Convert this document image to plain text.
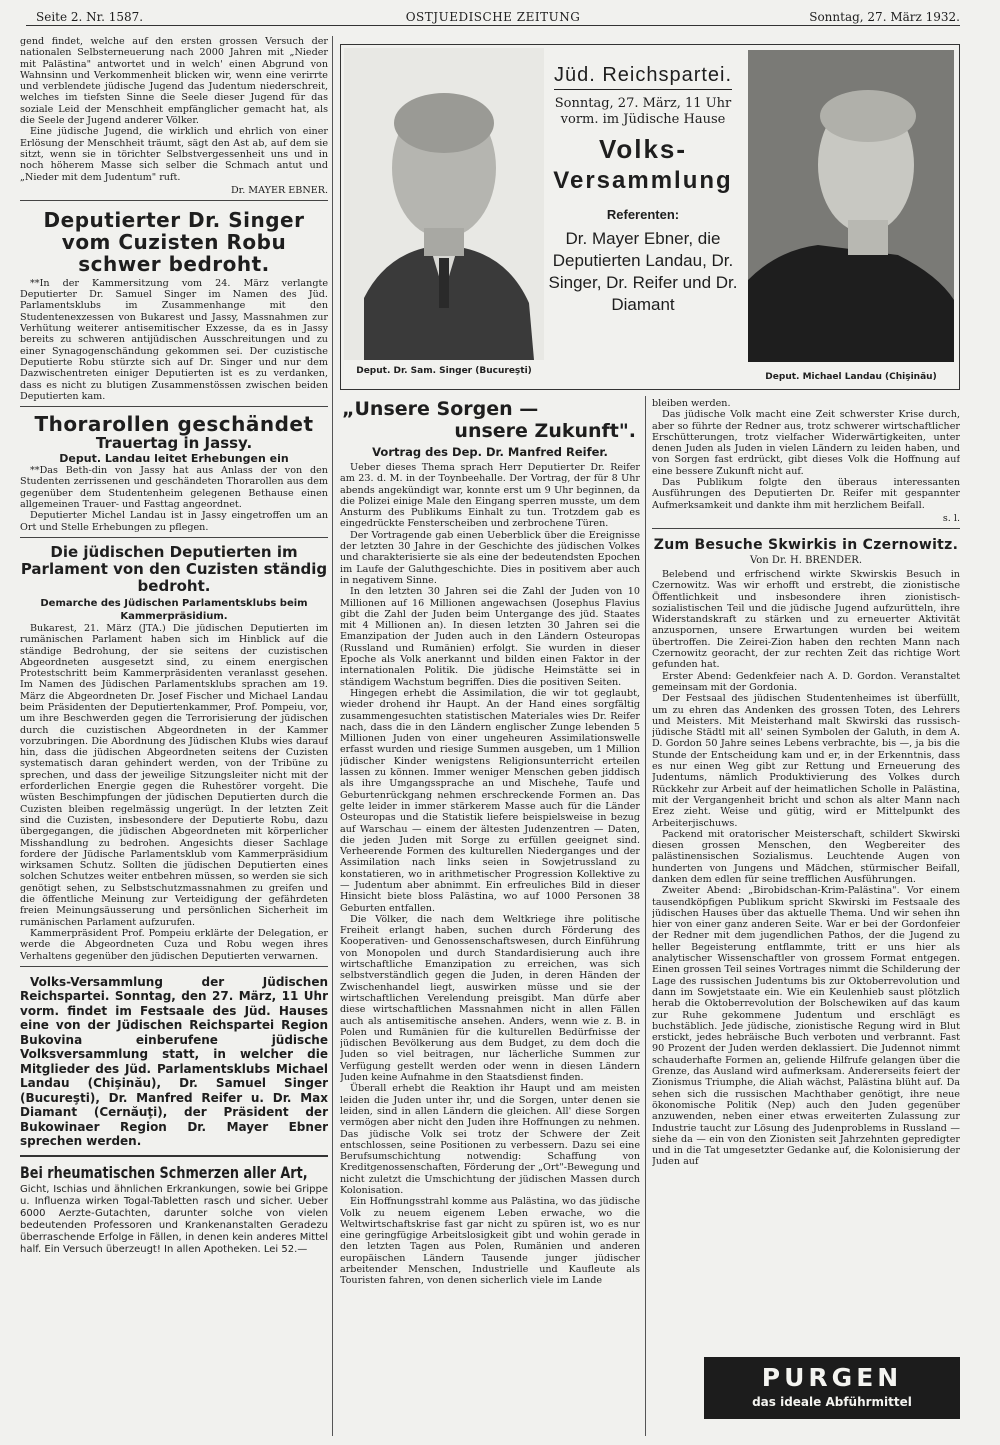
Seite 2. Nr. 1587.	OSTJUEDISCHE ZEITUNG	Sonntag, 27. März 1932.

gend findet, welche auf den ersten grossen Versuch der nationalen Selbsterneuerung nach 2000 Jahren mit „Nieder mit Palästina" antwortet und in welch' einen Abgrund von Wahnsinn und Verkommenheit blicken wir, wenn eine verirrte und verblendete jüdische Jugend das Judentum niederschreit, welches im tiefsten Sinne die Seele dieser Jugend für das soziale Leid der Menschheit empfänglicher gemacht hat, als die Seele der Jugend anderer Völker.

Eine jüdische Jugend, die wirklich und ehrlich von einer Erlösung der Menschheit träumt, sägt den Ast ab, auf dem sie sitzt, wenn sie in törichter Selbstvergessenheit uns und in noch höherem Masse sich selber die Schmach antut und „Nieder mit dem Judentum" ruft.

Dr. MAYER EBNER.
Deputierter Dr. Singer vom Cuzisten Robu schwer bedroht.

**In der Kammersitzung vom 24. März verlangte Deputierter Dr. Samuel Singer im Namen des Jüd. Parlamentsklubs im Zusammenhange mit den Studentenexzessen von Bukarest und Jassy, Massnahmen zur Verhütung weiterer antisemitischer Exzesse, da es in Jassy bereits zu schweren antijüdischen Ausschreitungen und zu einer Synagogenschändung gekommen sei. Der cuzistische Deputierte Robu stürzte sich auf Dr. Singer und nur dem Dazwischentreten einiger Deputierten ist es zu verdanken, dass es nicht zu blutigen Zusammenstössen zwischen beiden Deputierten kam.

Thorarollen geschändet
Trauertag in Jassy.
Deput. Landau leitet Erhebungen ein

**Das Beth-din von Jassy hat aus Anlass der von den Studenten zerrissenen und geschändeten Thorarollen aus dem gegenüber dem Studentenheim gelegenen Bethause einen allgemeinen Trauer- und Fasttag angeordnet.

Deputierter Michel Landau ist in Jassy eingetroffen um an Ort und Stelle Erhebungen zu pflegen.

Die jüdischen Deputierten im Parlament von den Cuzisten ständig bedroht.
Demarche des Jüdischen Parlamentsklubs beim Kammerpräsidium.

Bukarest, 21. März (JTA.) Die jüdischen Deputierten im rumänischen Parlament haben sich im Hinblick auf die ständige Bedrohung, der sie seitens der cuzistischen Abgeordneten ausgesetzt sind, zu einem energischen Protestschritt beim Kammerpräsidenten veranlasst gesehen. Im Namen des Jüdischen Parlamentsklubs sprachen am 19. März die Abgeordneten Dr. Josef Fischer und Michael Landau beim Präsidenten der Deputiertenkammer, Prof. Pompeiu, vor, um ihre Beschwerden gegen die Terrorisierung der jüdischen durch die cuzistischen Abgeordneten in der Kammer vorzubringen. Die Abordnung des Jüdischen Klubs wies darauf hin, dass die jüdischen Abgeordneten seitens der Cuzisten systematisch daran gehindert werden, von der Tribüne zu sprechen, und dass der jeweilige Sitzungsleiter nicht mit der erforderlichen Energie gegen die Ruhestörer vorgeht. Die wüsten Beschimpfungen der jüdischen Deputierten durch die Cuzisten bleiben regelmässig ungerügt. In der letzten Zeit sind die Cuzisten, insbesondere der Deputierte Robu, dazu übergegangen, die jüdischen Abgeordneten mit körperlicher Misshandlung zu bedrohen. Angesichts dieser Sachlage fordere der Jüdische Parlamentsklub vom Kammerpräsidium wirksamen Schutz. Sollten die jüdischen Deputierten eines solchen Schutzes weiter entbehren müssen, so werden sie sich genötigt sehen, zu Selbstschutzmassnahmen zu greifen und die öffentliche Meinung zur Verteidigung der gefährdeten freien Meinungsäusserung und persönlichen Sicherheit im rumänischen Parlament aufzurufen.

Kammerpräsident Prof. Pompeiu erklärte der Delegation, er werde die Abgeordneten Cuza und Robu wegen ihres Verhaltens gegenüber den jüdischen Deputierten verwarnen.

Volks-Versammlung der Jüdischen Reichspartei. Sonntag, den 27. März, 11 Uhr vorm. findet im Festsaale des Jüd. Hauses eine von der Jüdischen Reichspartei Region Bukovina einberufene jüdische Volksversammlung statt, in welcher die Mitglieder des Jüd. Parlamentsklubs Michael Landau (Chişinău), Dr. Samuel Singer (Bucureşti), Dr. Manfred Reifer u. Dr. Max Diamant (Cernăuţi), der Präsident der Bukowinaer Region Dr. Mayer Ebner sprechen werden.

Bei rheumatischen Schmerzen aller Art,

Gicht, Ischias und ähnlichen Erkrankungen, sowie bei Grippe u. Influenza wirken Togal-Tabletten rasch und sicher. Ueber 6000 Aerzte-Gutachten, darunter solche von vielen bedeutenden Professoren und Krankenanstalten Geradezu überraschende Erfolge in Fällen, in denen kein anderes Mittel half. Ein Versuch überzeugt! In allen Apotheken. Lei 52.—

Deput. Dr. Sam. Singer (Bucureşti)
Jüd. Reichspartei.
Sonntag, 27. März, 11 Uhr vorm. im Jüdische Hause
Volks-
Versammlung
Referenten:
Dr. Mayer Ebner, die Deputierten Landau, Dr. Singer, Dr. Reifer und Dr. Diamant
Deput. Michael Landau (Chişinău)
„Unsere Sorgen —
unsere Zukunft".
Vortrag des Dep. Dr. Manfred Reifer.

Ueber dieses Thema sprach Herr Deputierter Dr. Reifer am 23. d. M. in der Toynbeehalle. Der Vortrag, der für 8 Uhr abends angekündigt war, konnte erst um 9 Uhr beginnen, da die Polizei einige Male den Eingang sperren musste, um dem Ansturm des Publikums Einhalt zu tun. Trotzdem gab es eingedrückte Fensterscheiben und zerbrochene Türen.

Der Vortragende gab einen Ueberblick über die Ereignisse der letzten 30 Jahre in der Geschichte des jüdischen Volkes und charakterisierte sie als eine der bedeutendsten Epochen im Laufe der Galuthgeschichte. Dies in positivem aber auch in negativem Sinne.

In den letzten 30 Jahren sei die Zahl der Juden von 10 Millionen auf 16 Millionen angewachsen (Josephus Flavius gibt die Zahl der Juden beim Untergange des jüd. Staates mit 4 Millionen an). In diesen letzten 30 Jahren sei die Emanzipation der Juden auch in den Ländern Osteuropas (Russland und Rumänien) erfolgt. Sie wurden in dieser Epoche als Volk anerkannt und bilden einen Faktor in der internationalen Politik. Die jüdische Heimstätte sei in ständigem Wachstum begriffen. Dies die positiven Seiten.

Hingegen erhebt die Assimilation, die wir tot geglaubt, wieder drohend ihr Haupt. An der Hand eines sorgfältig zusammengesuchten statistischen Materiales wies Dr. Reifer nach, dass die in den Ländern englischer Zunge lebenden 5 Millionen Juden von einer ungeheuren Assimilationswelle erfasst wurden und riesige Summen ausgeben, um 1 Million jüdischer Kinder wenigstens Religionsunterricht erteilen lassen zu können. Immer weniger Menschen geben jiddisch als ihre Umgangssprache an und Mischehe, Taufe und Geburtenrückgang nehmen erschreckende Formen an. Das gelte leider in immer stärkerem Masse auch für die Länder Osteuropas und die Statistik liefere beispielsweise in bezug auf Warschau — einem der ältesten Judenzentren — Daten, die jeden Juden mit Sorge zu erfüllen geeignet sind. Verheerende Formen des kulturellen Niederganges und der Assimilation nach links seien in Sowjetrussland zu konstatieren, wo in arithmetischer Progression Kollektive zu — Judentum aber abnimmt. Ein erfreuliches Bild in dieser Hinsicht biete bloss Palästina, wo auf 1000 Personen 38 Geburten entfallen.

Die Völker, die nach dem Weltkriege ihre politische Freiheit erlangt haben, suchen durch Förderung des Kooperativen- und Genossenschaftswesen, durch Einführung von Monopolen und durch Standardisierung auch ihre wirtschaftliche Emanzipation zu erreichen, was sich selbstverständlich gegen die Juden, in deren Händen der Zwischenhandel liegt, auswirken müsse und sie der wirtschaftlichen Verelendung preisgibt. Man dürfe aber diese wirtschaftlichen Massnahmen nicht in allen Fällen auch als antisemitische ansehen. Anders, wenn wie z. B. in Polen und Rumänien für die kulturellen Bedürfnisse der jüdischen Bevölkerung aus dem Budget, zu dem doch die Juden so viel beitragen, nur lächerliche Summen zur Verfügung gestellt werden oder wenn in diesen Ländern Juden keine Aufnahme in den Staatsdienst finden.

Überall erhebt die Reaktion ihr Haupt und am meisten leiden die Juden unter ihr, und die Sorgen, unter denen sie leiden, sind in allen Ländern die gleichen. All' diese Sorgen vermögen aber nicht den Juden ihre Hoffnungen zu nehmen. Das jüdische Volk sei trotz der Schwere der Zeit entschlossen, seine Positionen zu verbessern. Dazu sei eine Berufsumschichtung notwendig: Schaffung von Kreditgenossenschaften, Förderung der „Ort"-Bewegung und nicht zuletzt die Umschichtung der jüdischen Massen durch Kolonisation.

Ein Hoffnungsstrahl komme aus Palästina, wo das jüdische Volk zu neuem eigenem Leben erwache, wo die Weltwirtschaftskrise fast gar nicht zu spüren ist, wo es nur eine geringfügige Arbeitslosigkeit gibt und wohin gerade in den letzten Tagen aus Polen, Rumänien und anderen europäischen Ländern Tausende junger jüdischer arbeitender Menschen, Industrielle und Kaufleute als Touristen fahren, von denen sicherlich viele im Lande

bleiben werden.

Das jüdische Volk macht eine Zeit schwerster Krise durch, aber so führte der Redner aus, trotz schwerer wirtschaftlicher Erschütterungen, trotz vielfacher Widerwärtigkeiten, unter denen Juden als Juden in vielen Ländern zu leiden haben, und von Sorgen fast erdrückt, gibt dieses Volk die Hoffnung auf eine bessere Zukunft nicht auf.

Das Publikum folgte den überaus interessanten Ausführungen des Deputierten Dr. Reifer mit gespannter Aufmerksamkeit und dankte ihm mit herzlichem Beifall.

s. l.
Zum Besuche Skwirkis in Czernowitz.
Von Dr. H. BRENDER.

Belebend und erfrischend wirkte Skwirskis Besuch in Czernowitz. Was wir erhofft und erstrebt, die zionistische Öffentlichkeit und insbesondere ihren zionistisch-sozialistischen Teil und die jüdische Jugend aufzurütteln, ihre Widerstandskraft zu stärken und zu erneuerter Aktivität anzuspornen, unsere Erwartungen wurden bei weitem übertroffen. Die Zeirei-Zion haben den rechten Mann nach Czernowitz georacht, der zur rechten Zeit das richtige Wort gefunden hat.

Erster Abend: Gedenkfeier nach A. D. Gordon. Veranstaltet gemeinsam mit der Gordonia.

Der Festsaal des jüdischen Studentenheimes ist überfüllt, um zu ehren das Andenken des grossen Toten, des Lehrers und Meisters. Mit Meisterhand malt Skwirski das russisch-jüdische Städtl mit all' seinen Symbolen der Galuth, in dem A. D. Gordon 50 Jahre seines Lebens verbrachte, bis —, ja bis die Stunde der Entscheidung kam und er, in der Erkenntnis, dass es nur einen Weg gibt zur Rettung und Erneuerung des Judentums, nämlich Produktivierung des Volkes durch Rückkehr zur Arbeit auf der heimatlichen Scholle in Palästina, mit der Vergangenheit bricht und schon als alter Mann nach Erez zieht. Weise und gütig, wird er Mittelpunkt des Arbeiterjischuws.

Packend mit oratorischer Meisterschaft, schildert Skwirski diesen grossen Menschen, den Wegbereiter des palästinensischen Sozialismus. Leuchtende Augen von hunderten von Jungens und Mädchen, stürmischer Beifall, danken dem edlen für seine trefflichen Ausführungen.

Zweiter Abend: „Birobidschan-Krim-Palästina". Vor einem tausendköpfigen Publikum spricht Skwirski im Festsaale des jüdischen Hauses über das aktuelle Thema. Und wir sehen ihn hier von einer ganz anderen Seite. War er bei der Gordonfeier der Redner mit dem jugendlichen Pathos, der die Jugend zu heller Begeisterung entflammte, tritt er uns hier als analytischer Wissenschaftler von grossem Format entgegen. Einen grossen Teil seines Vortrages nimmt die Schilderung der Lage des russischen Judentums bis zur Oktoberrevolution und dann im Sowjetstaate ein. Wie ein Keulenhieb saust plötzlich herab die Oktoberrevolution der Bolschewiken auf das kaum zur Ruhe gekommene Judentum und erschlägt es buchstäblich. Jede jüdische, zionistische Regung wird in Blut erstickt, jedes hebräische Buch verboten und verbrannt. Fast 90 Prozent der Juden werden deklassiert. Die Judennot nimmt schauderhafte Formen an, geliende Hilfrufe gelangen über die Grenze, das Ausland wird aufmerksam. Andererseits feiert der Zionismus Triumphe, die Aliah wächst, Palästina blüht auf. Da sehen sich die russischen Machthaber genötigt, ihre neue ökonomische Politik (Nep) auch den Juden gegenüber anzuwenden, neben einer etwas erweiterten Zulassung zur Industrie taucht zur Lösung des Judenproblems in Russland — siehe da — ein von den Zionisten seit Jahrzehnten gepredigter und in die Tat umgesetzter Gedanke auf, die Kolonisierung der Juden auf

PURGEN
das ideale Abführmittel
